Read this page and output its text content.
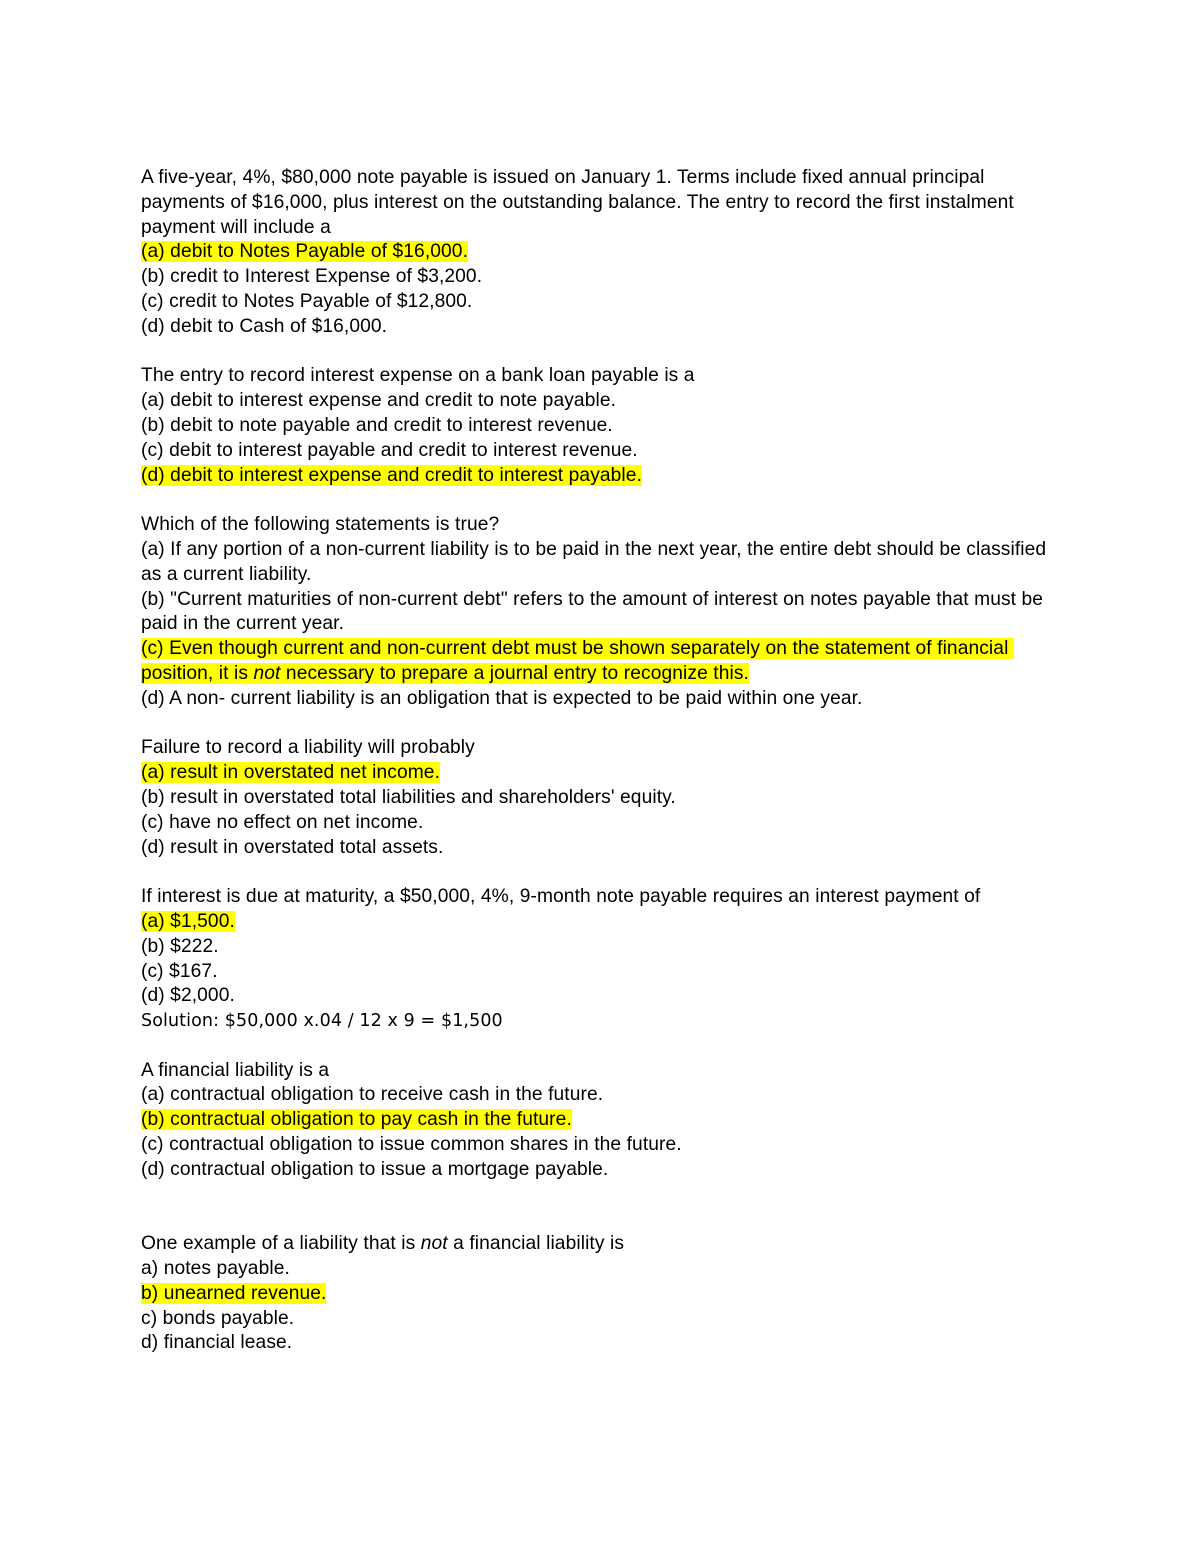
A five-year, 4%, $80,000 note payable is issued on January 1. Terms include fixed annual principal payments of $16,000, plus interest on the outstanding balance. The entry to record the first instalment payment will include a

(a) debit to Notes Payable of $16,000.

(b) credit to Interest Expense of $3,200.

(c) credit to Notes Payable of $12,800.

(d) debit to Cash of $16,000.

The entry to record interest expense on a bank loan payable is a

(a) debit to interest expense and credit to note payable.

(b) debit to note payable and credit to interest revenue.

(c) debit to interest payable and credit to interest revenue.

(d) debit to interest expense and credit to interest payable.

Which of the following statements is true?

(a) If any portion of a non-current liability is to be paid in the next year, the entire debt should be classified as a current liability.

(b) "Current maturities of non-current debt" refers to the amount of interest on notes payable that must be paid in the current year.

(c) Even though current and non-current debt must be shown separately on the statement of financial position, it is not necessary to prepare a journal entry to recognize this.

(d) A non- current liability is an obligation that is expected to be paid within one year.

Failure to record a liability will probably

(a) result in overstated net income.

(b) result in overstated total liabilities and shareholders' equity.

(c) have no effect on net income.

(d) result in overstated total assets.

If interest is due at maturity, a $50,000, 4%, 9-month note payable requires an interest payment of

(a) $1,500.

(b) $222.

(c) $167.

(d) $2,000.

Solution: $50,000 x.04 / 12 x 9 = $1,500

A financial liability is a

(a) contractual obligation to receive cash in the future.

(b) contractual obligation to pay cash in the future.

(c) contractual obligation to issue common shares in the future.

(d) contractual obligation to issue a mortgage payable.

One example of a liability that is not a financial liability is

a) notes payable.

b) unearned revenue.

c) bonds payable.

d) financial lease.
